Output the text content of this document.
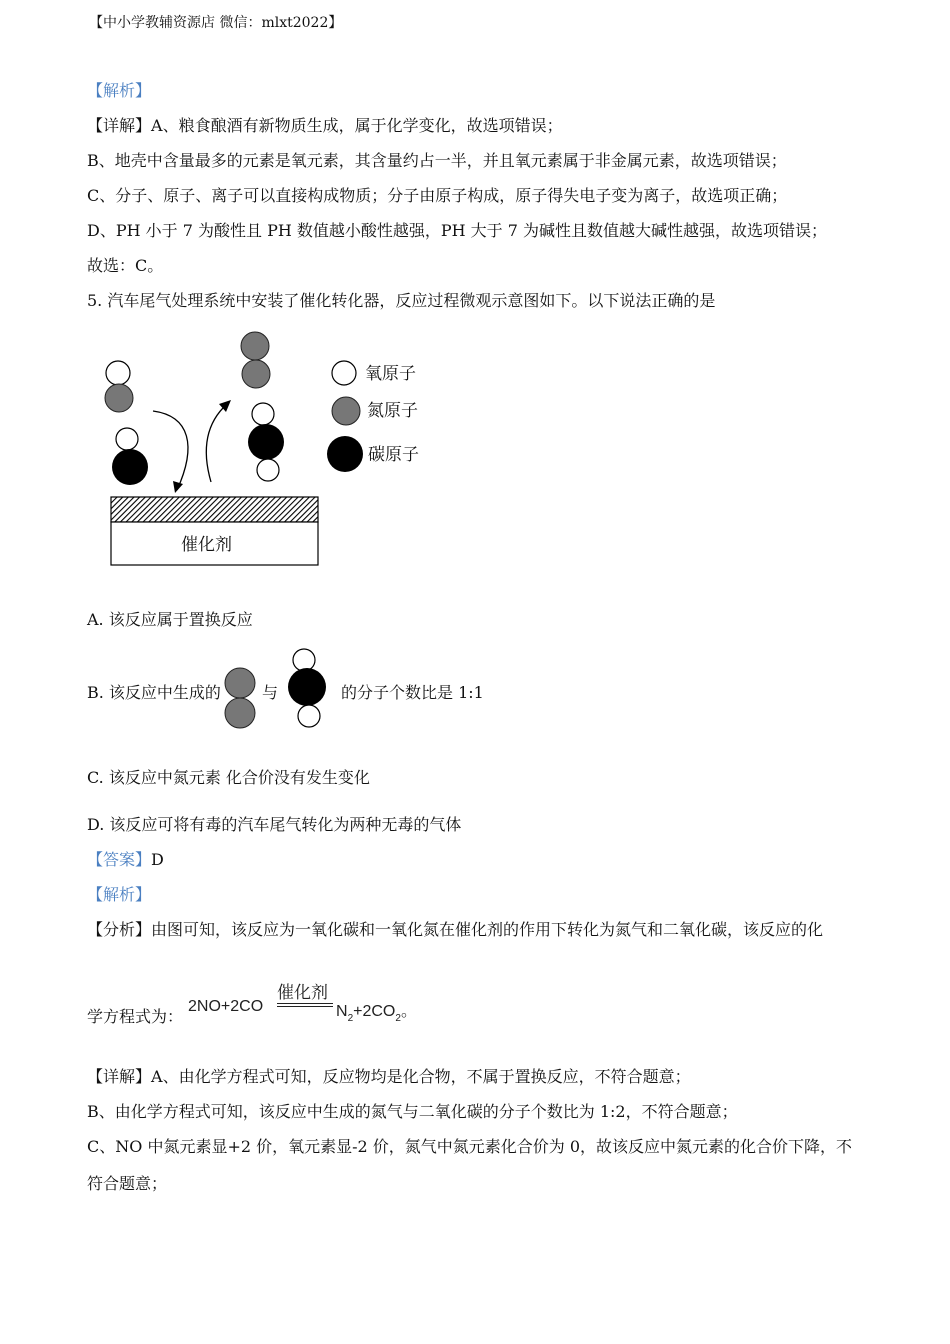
【中小学教辅资源店 微信：mlxt2022】
【解析】
【详解】A、粮食酿酒有新物质生成，属于化学变化，故选项错误；
B、地壳中含量最多的元素是氧元素，其含量约占一半，并且氧元素属于非金属元素，故选项错误；
C、分子、原子、离子可以直接构成物质；分子由原子构成，原子得失电子变为离子，故选项正确；
D、PH 小于 7 为酸性且 PH 数值越小酸性越强，PH 大于 7 为碱性且数值越大碱性越强，故选项错误；
故选：C。
5. 汽车尾气处理系统中安装了催化转化器，反应过程微观示意图如下。以下说法正确的是
氧原子
氮原子
碳原子
催化剂
A. 该反应属于置换反应
B. 该反应中生成的	与	的分子个数比是 1:1
C. 该反应中氮元素 化合价没有发生变化
D. 该反应可将有毒的汽车尾气转化为两种无毒的气体
【答案】D
【解析】
【分析】由图可知，该反应为一氧化碳和一氧化氮在催化剂的作用下转化为氮气和二氧化碳，该反应的化
学方程式为：
催化剂
2NO+2CO	$N_2+2CO_2$。
【详解】A、由化学方程式可知，反应物均是化合物，不属于置换反应，不符合题意；
B、由化学方程式可知，该反应中生成的氮气与二氧化碳的分子个数比为 1:2，不符合题意；
C、NO 中氮元素显+2 价，氧元素显-2 价，氮气中氮元素化合价为 0，故该反应中氮元素的化合价下降，不
符合题意；
